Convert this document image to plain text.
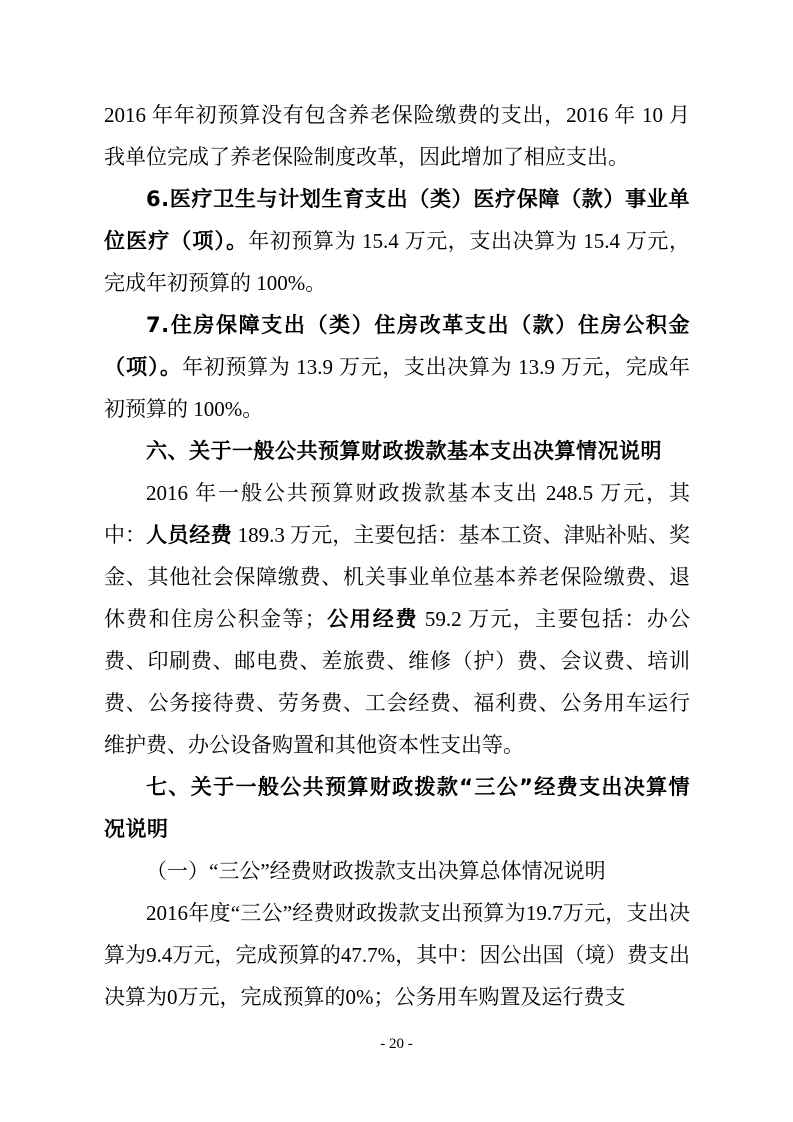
2016 年年初预算没有包含养老保险缴费的支出，2016 年 10 月我单位完成了养老保险制度改革，因此增加了相应支出。

6.医疗卫生与计划生育支出（类）医疗保障（款）事业单位医疗（项）。年初预算为 15.4 万元，支出决算为 15.4 万元，完成年初预算的 100%。

7.住房保障支出（类）住房改革支出（款）住房公积金（项）。年初预算为 13.9 万元，支出决算为 13.9 万元，完成年初预算的 100%。

六、关于一般公共预算财政拨款基本支出决算情况说明

2016 年一般公共预算财政拨款基本支出 248.5 万元，其中：人员经费 189.3 万元，主要包括：基本工资、津贴补贴、奖金、其他社会保障缴费、机关事业单位基本养老保险缴费、退休费和住房公积金等；公用经费 59.2 万元，主要包括：办公费、印刷费、邮电费、差旅费、维修（护）费、会议费、培训费、公务接待费、劳务费、工会经费、福利费、公务用车运行维护费、办公设备购置和其他资本性支出等。

七、关于一般公共预算财政拨款“三公”经费支出决算情况说明

（一）“三公”经费财政拨款支出决算总体情况说明

2016年度“三公”经费财政拨款支出预算为19.7万元，支出决算为9.4万元，完成预算的47.7%，其中：因公出国（境）费支出决算为0万元，完成预算的0%；公务用车购置及运行费支

- 20 -
